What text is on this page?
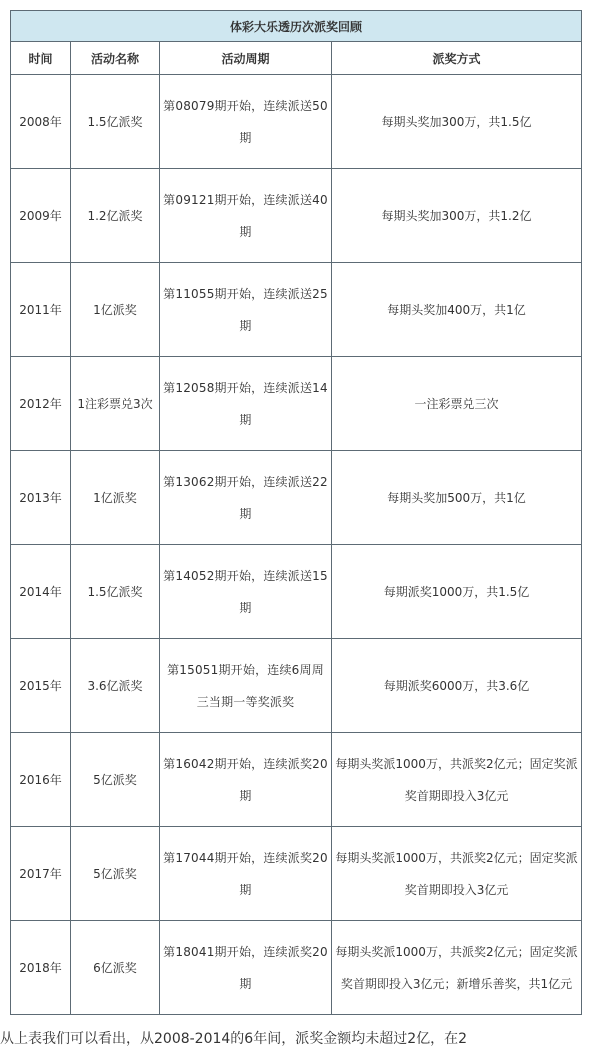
体彩大乐透历次派奖回顾			
时间	活动名称	活动周期	派奖方式
2008年	1.5亿派奖	第08079期开始，连续派送50期	每期头奖加300万，共1.5亿
2009年	1.2亿派奖	第09121期开始，连续派送40期	每期头奖加300万，共1.2亿
2011年	1亿派奖	第11055期开始，连续派送25期	每期头奖加400万，共1亿
2012年	1注彩票兑3次	第12058期开始，连续派送14期	一注彩票兑三次
2013年	1亿派奖	第13062期开始，连续派送22期	每期头奖加500万，共1亿
2014年	1.5亿派奖	第14052期开始，连续派送15期	每期派奖1000万，共1.5亿
2015年	3.6亿派奖	第15051期开始，连续6周周三当期一等奖派奖	每期派奖6000万，共3.6亿
2016年	5亿派奖	第16042期开始，连续派奖20期	每期头奖派1000万，共派奖2亿元；固定奖派奖首期即投入3亿元
2017年	5亿派奖	第17044期开始，连续派奖20期	每期头奖派1000万，共派奖2亿元；固定奖派奖首期即投入3亿元
2018年	6亿派奖	第18041期开始，连续派奖20期	每期头奖派1000万，共派奖2亿元；固定奖派奖首期即投入3亿元；新增乐善奖，共1亿元
从上表我们可以看出，从2008-2014的6年间，派奖金额均未超过2亿，在2
